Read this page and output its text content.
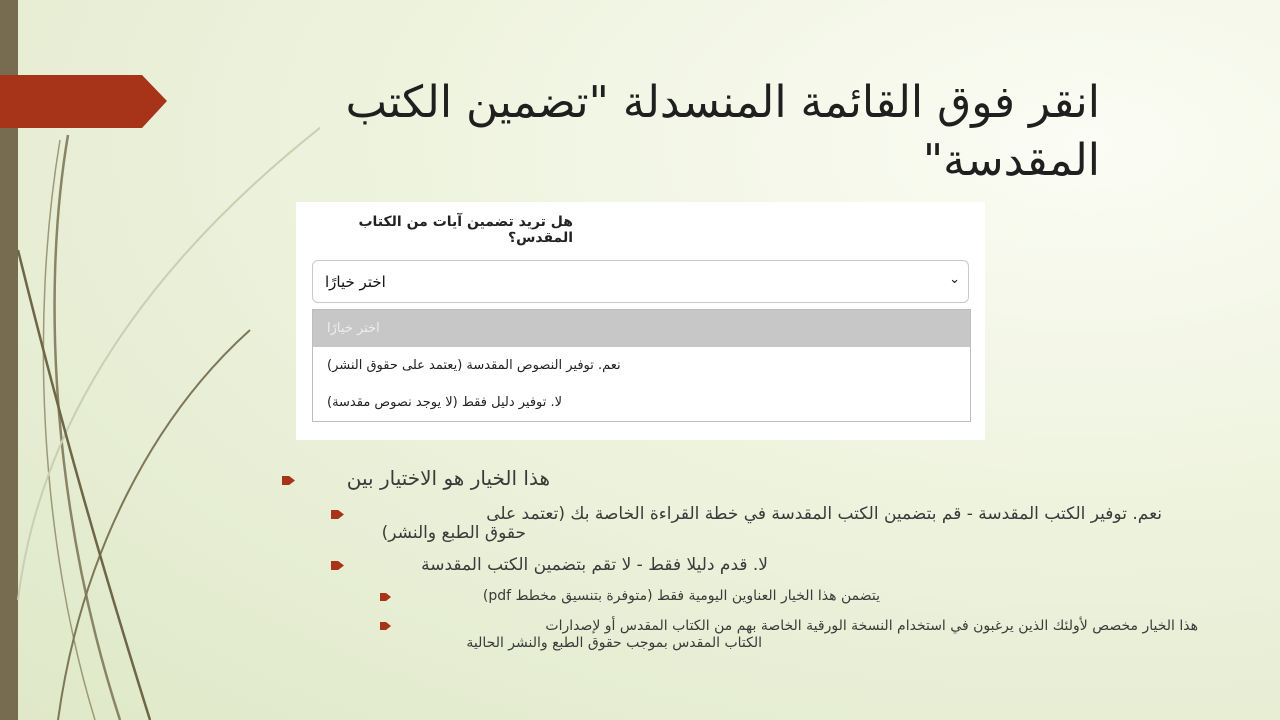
انقر فوق القائمة المنسدلة "تضمين الكتب المقدسة"
هل تريد تضمين آيات من الكتاب المقدس؟
اختر خيارًا	⌄
اختر خيارًا
نعم. توفير النصوص المقدسة (يعتمد على حقوق النشر)
لا. توفير دليل فقط (لا يوجد نصوص مقدسة)
هذا الخيار هو الاختيار بين
نعم. توفير الكتب المقدسة - قم بتضمين الكتب المقدسة في خطة القراءة الخاصة بك (تعتمد على
حقوق الطبع والنشر)
لا. قدم دليلا فقط - لا تقم بتضمين الكتب المقدسة
يتضمن هذا الخيار العناوين اليومية فقط (متوفرة بتنسيق مخطط pdf)
هذا الخيار مخصص لأولئك الذين يرغبون في استخدام النسخة الورقية الخاصة بهم من الكتاب المقدس أو لإصدارات
الكتاب المقدس بموجب حقوق الطبع والنشر الحالية
